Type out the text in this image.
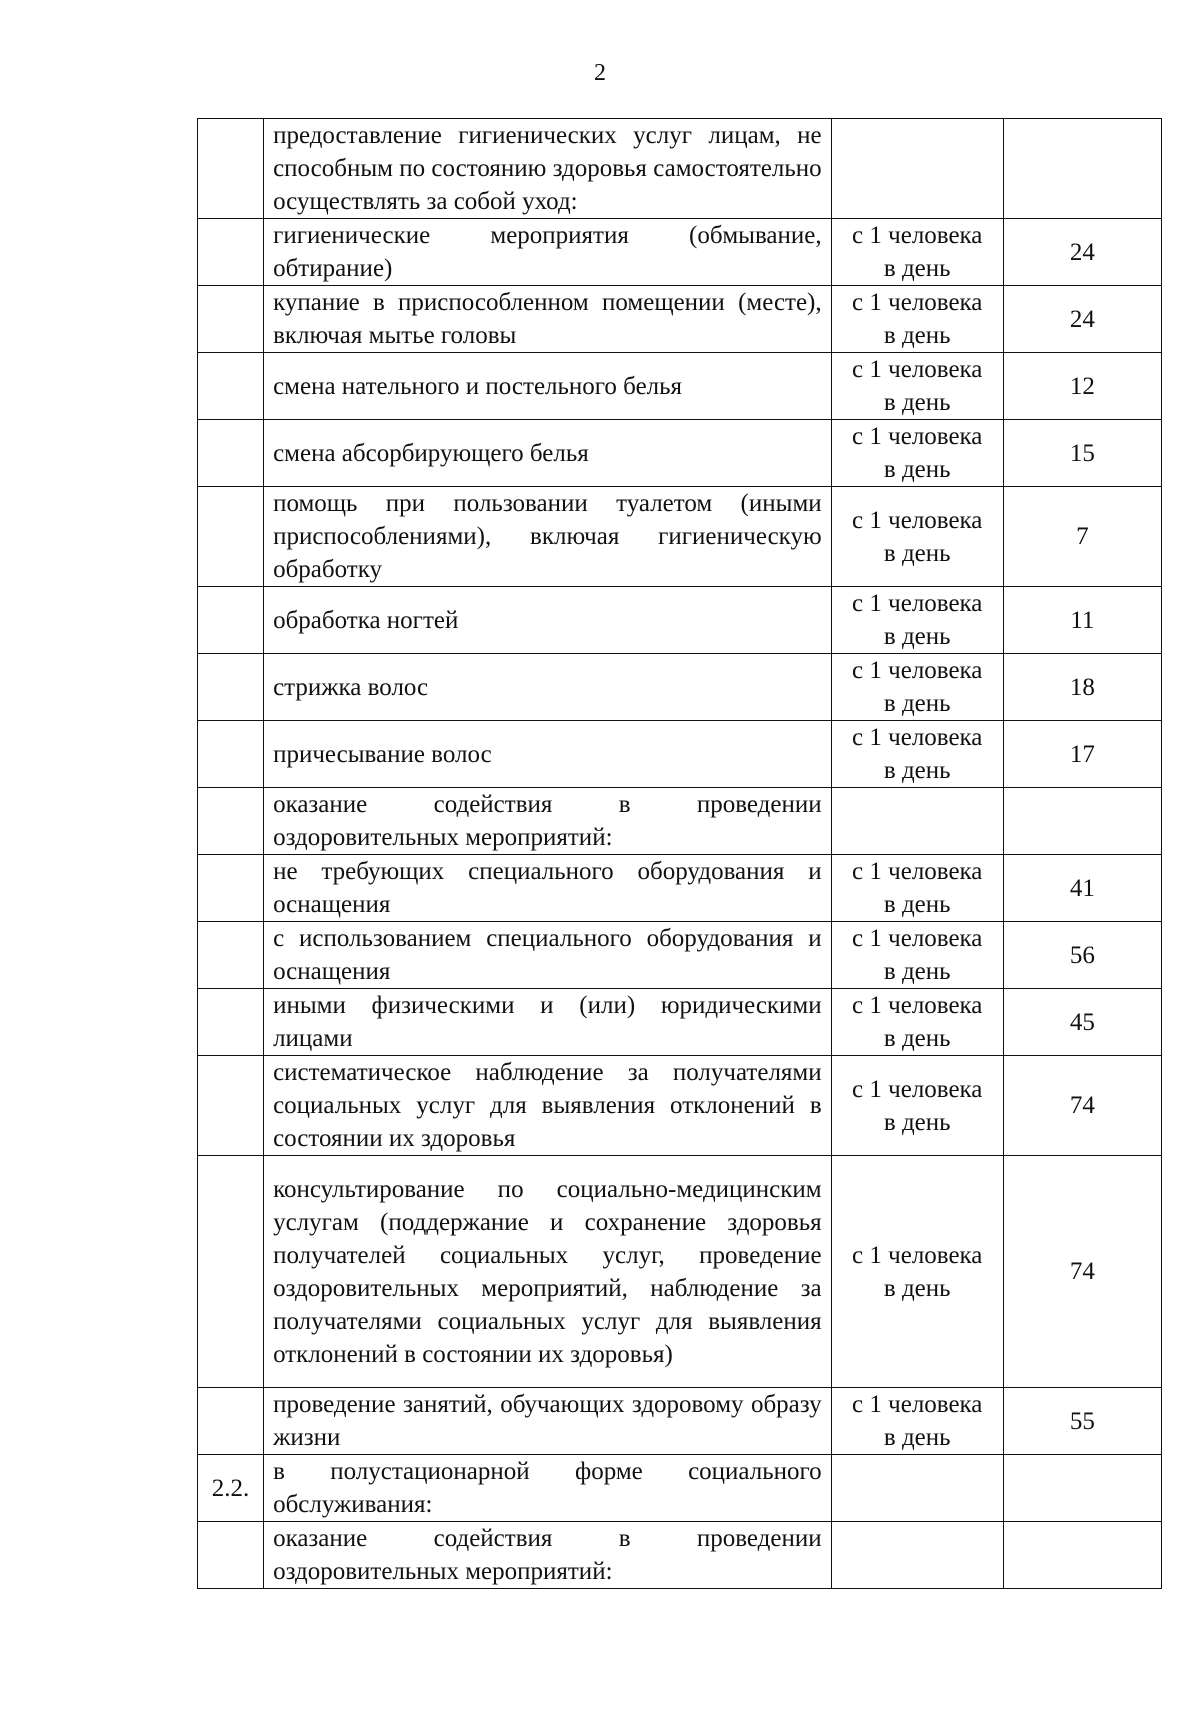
2
	предоставление гигиенических услуг лицам, не способным по состоянию здоровья самостоятельно осуществлять за собой уход:	

	гигиенические мероприятия (обмывание, обтирание)	с 1 человека
в день	24
	купание в приспособленном помещении (месте), включая мытье головы	с 1 человека
в день	24
	смена нательного и постельного белья	с 1 человека
в день	12
	смена абсорбирующего белья	с 1 человека
в день	15
	помощь при пользовании туалетом (иными приспособлениями), включая гигиеническую обработку	с 1 человека
в день	7
	обработка ногтей	с 1 человека
в день	11
	стрижка волос	с 1 человека
в день	18
	причесывание волос	с 1 человека
в день	17
	оказание содействия в проведении оздоровительных мероприятий:	

	не требующих специального оборудования и оснащения	с 1 человека
в день	41
	с использованием специального оборудования и оснащения	с 1 человека
в день	56
	иными физическими и (или) юридическими лицами	с 1 человека
в день	45
	систематическое наблюдение за получателями социальных услуг для выявления отклонений в состоянии их здоровья	с 1 человека
в день	74
	консультирование по социально-медицинским услугам (поддержание и сохранение здоровья получателей социальных услуг, проведение оздоровительных мероприятий, наблюдение за получателями социальных услуг для выявления отклонений в состоянии их здоровья)	с 1 человека
в день	74
	проведение занятий, обучающих здоровому образу жизни	с 1 человека
в день	55
2.2.	в полустационарной форме социального обслуживания:	

	оказание содействия в проведении оздоровительных мероприятий:	
